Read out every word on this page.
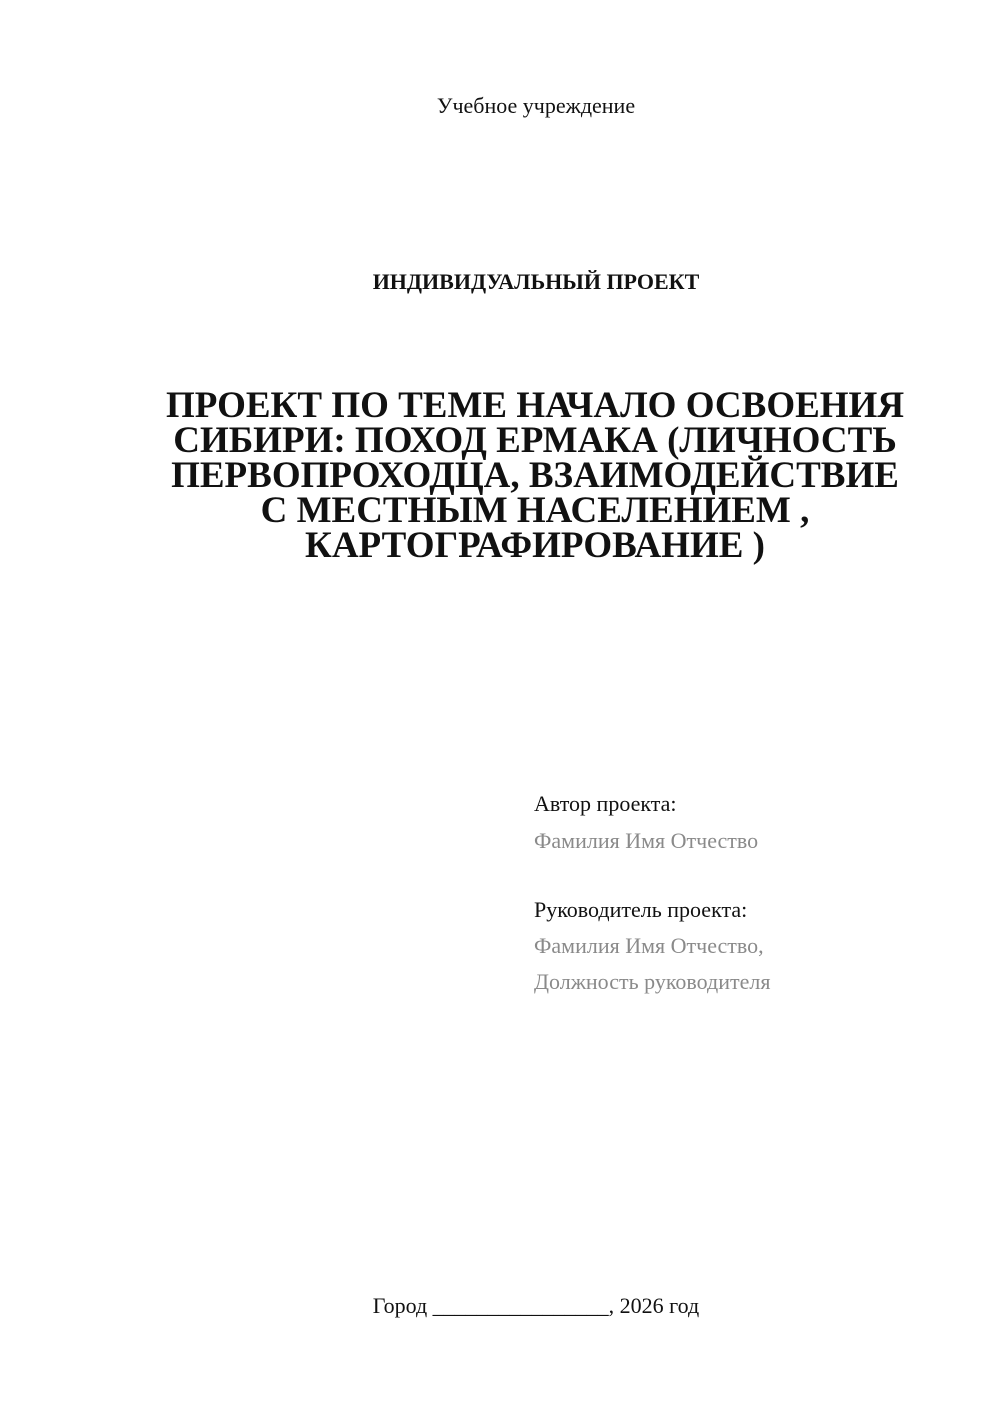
Учебное учреждение
ИНДИВИДУАЛЬНЫЙ ПРОЕКТ
ПРОЕКТ ПО ТЕМЕ НАЧАЛО ОСВОЕНИЯ
СИБИРИ: ПОХОД ЕРМАКА (ЛИЧНОСТЬ
ПЕРВОПРОХОДЦА, ВЗАИМОДЕЙСТВИЕ
С МЕСТНЫМ НАСЕЛЕНИЕМ ,
КАРТОГРАФИРОВАНИЕ )
Автор проекта:
Фамилия Имя Отчество
Руководитель проекта:
Фамилия Имя Отчество,
Должность руководителя
Город ________________, 2026 год
